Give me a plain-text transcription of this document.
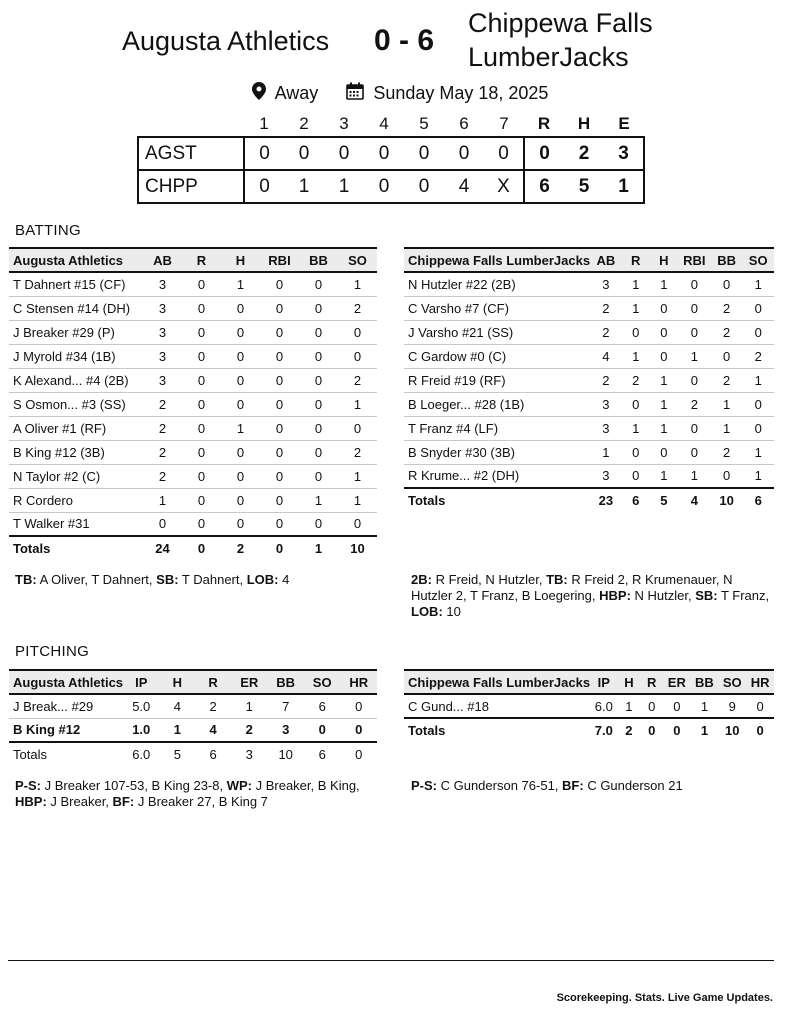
Augusta Athletics 0 - 6
Chippewa Falls LumberJacks
Away	Sunday May 18, 2025
	1	2	3	4	5	6	7	R	H	E
AGST	0	0	0	0	0	0	0	0	2	3
CHPP	0	1	1	0	0	4	X	6	5	1
BATTING
Augusta Athletics	AB	R	H	RBI	BB	SO
T Dahnert #15 (CF)	3	0	1	0	0	1
C Stensen #14 (DH)	3	0	0	0	0	2
J Breaker #29 (P)	3	0	0	0	0	0
J Myrold #34 (1B)	3	0	0	0	0	0
K Alexand... #4 (2B)	3	0	0	0	0	2
S Osmon... #3 (SS)	2	0	0	0	0	1
A Oliver #1 (RF)	2	0	1	0	0	0
B King #12 (3B)	2	0	0	0	0	2
N Taylor #2 (C)	2	0	0	0	0	1
R Cordero	1	0	0	0	1	1
T Walker #31	0	0	0	0	0	0
Totals	24	0	2	0	1	10
Chippewa Falls LumberJacks	AB	R	H	RBI	BB	SO
N Hutzler #22 (2B)	3	1	1	0	0	1
C Varsho #7 (CF)	2	1	0	0	2	0
J Varsho #21 (SS)	2	0	0	0	2	0
C Gardow #0 (C)	4	1	0	1	0	2
R Freid #19 (RF)	2	2	1	0	2	1
B Loeger... #28 (1B)	3	0	1	2	1	0
T Franz #4 (LF)	3	1	1	0	1	0
B Snyder #30 (3B)	1	0	0	0	2	1
R Krume... #2 (DH)	3	0	1	1	0	1
Totals	23	6	5	4	10	6
TB: A Oliver, T Dahnert, SB: T Dahnert, LOB: 4	2B: R Freid, N Hutzler, TB: R Freid 2, R Krumenauer, N Hutzler 2, T Franz, B Loegering, HBP: N Hutzler, SB: T Franz, LOB: 10
PITCHING
Augusta Athletics	IP	H	R	ER	BB	SO	HR
J Break... #29	5.0	4	2	1	7	6	0
B King #12	1.0	1	4	2	3	0	0
Totals	6.0	5	6	3	10	6	0
Chippewa Falls LumberJacks	IP	H	R	ER	BB	SO	HR
C Gund... #18	6.0	1	0	0	1	9	0
Totals	7.0	2	0	0	1	10	0
P-S: J Breaker 107-53, B King 23-8, WP: J Breaker, B King, HBP: J Breaker, BF: J Breaker 27, B King 7
P-S: C Gunderson 76-51, BF: C Gunderson 21
Scorekeeping. Stats. Live Game Updates.
